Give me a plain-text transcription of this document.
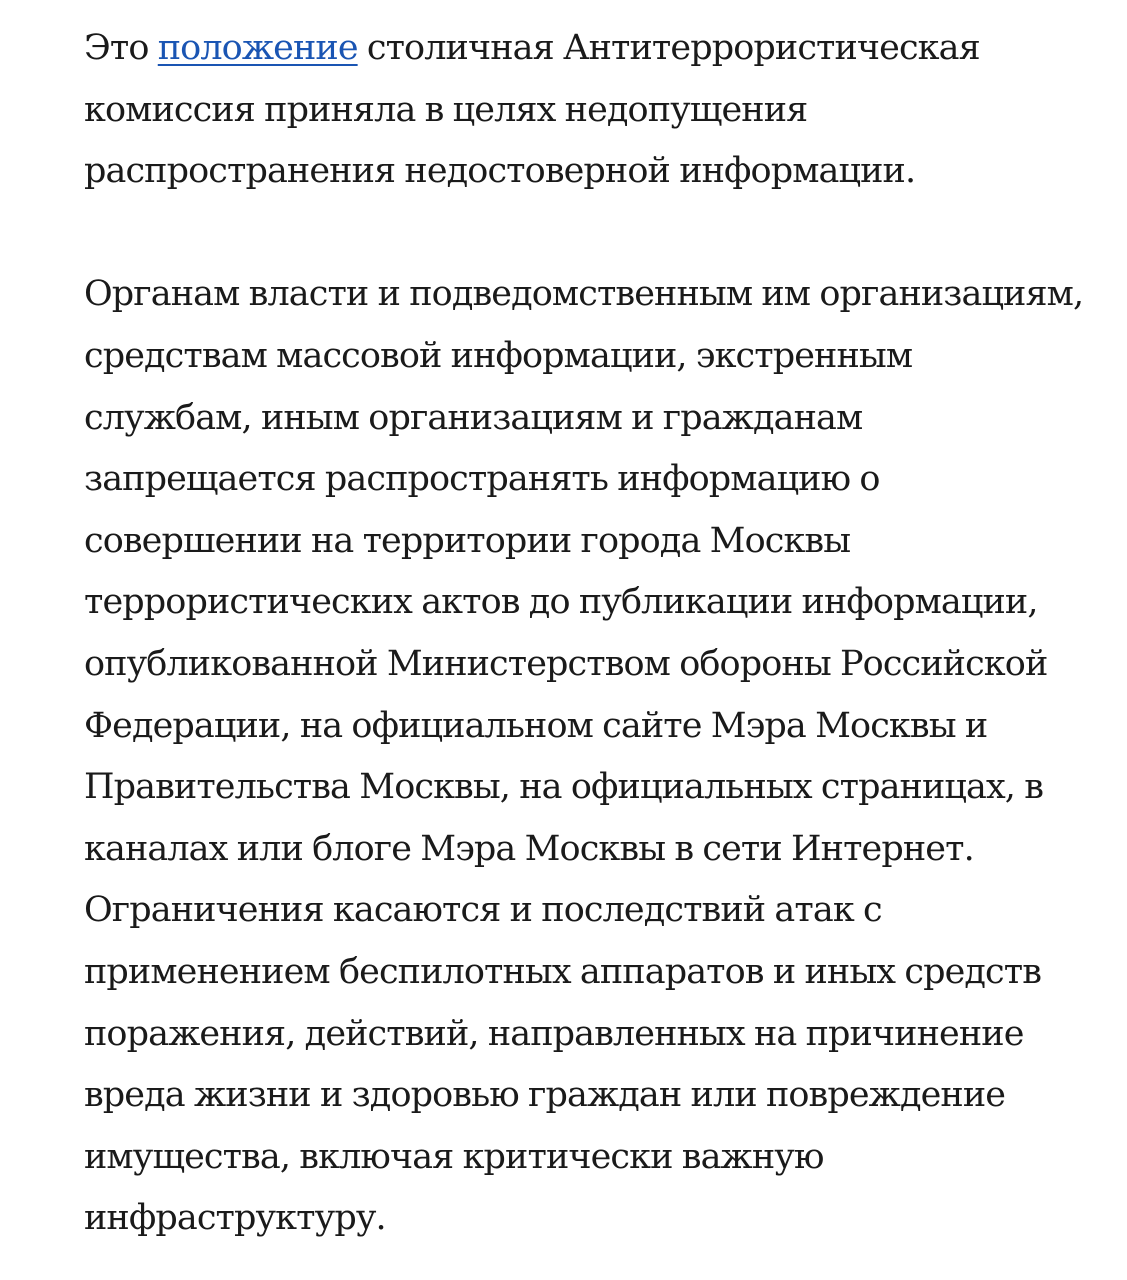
Это положение столичная Антитеррористическая комиссия приняла в целях недопущения распространения недостоверной информации.

Органам власти и подведомственным им организациям, средствам массовой информации, экстренным службам, иным организациям и гражданам запрещается распространять информацию о совершении на территории города Москвы террористических актов до публикации информации, опубликованной Министерством обороны Российской Федерации, на официальном сайте Мэра Москвы и Правительства Москвы, на официальных страницах, в каналах или блоге Мэра Москвы в сети Интернет. Ограничения касаются и последствий атак с применением беспилотных аппаратов и иных средств поражения, действий, направленных на причинение вреда жизни и здоровью граждан или повреждение имущества, включая критически важную инфраструктуру.
